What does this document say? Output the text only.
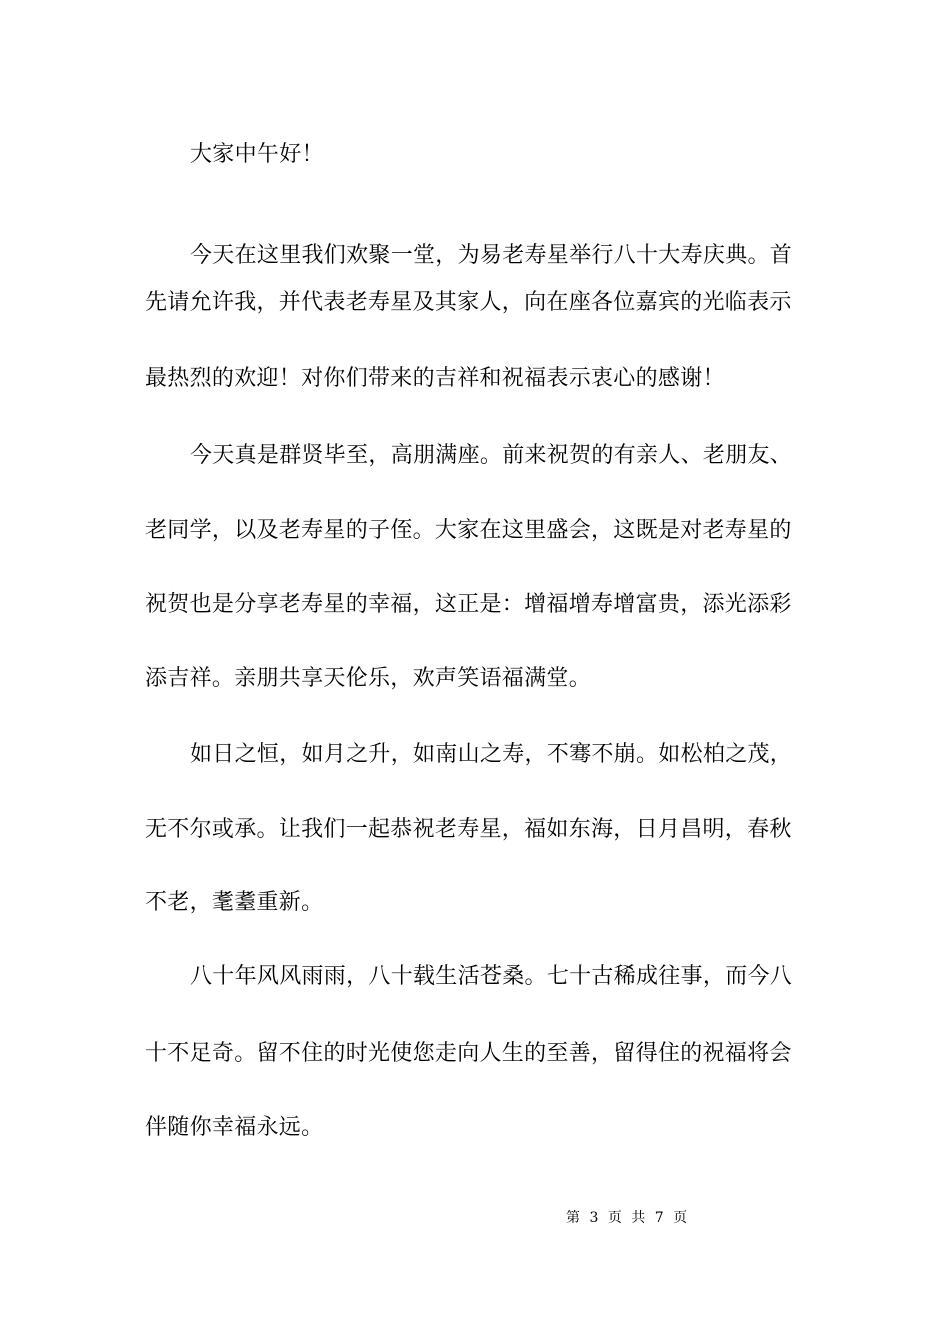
大家中午好！
今天在这里我们欢聚一堂，为易老寿星举行八十大寿庆典。首
先请允许我，并代表老寿星及其家人，向在座各位嘉宾的光临表示
最热烈的欢迎！对你们带来的吉祥和祝福表示衷心的感谢！
今天真是群贤毕至，高朋满座。前来祝贺的有亲人、老朋友、
老同学，以及老寿星的子侄。大家在这里盛会，这既是对老寿星的
祝贺也是分享老寿星的幸福，这正是：增福增寿增富贵，添光添彩
添吉祥。亲朋共享天伦乐，欢声笑语福满堂。
如日之恒，如月之升，如南山之寿，不骞不崩。如松柏之茂，
无不尔或承。让我们一起恭祝老寿星，福如东海，日月昌明，春秋
不老，耄耋重新。
八十年风风雨雨，八十载生活苍桑。七十古稀成往事，而今八
十不足奇。留不住的时光使您走向人生的至善，留得住的祝福将会
伴随你幸福永远。
第 3 页 共 7 页
